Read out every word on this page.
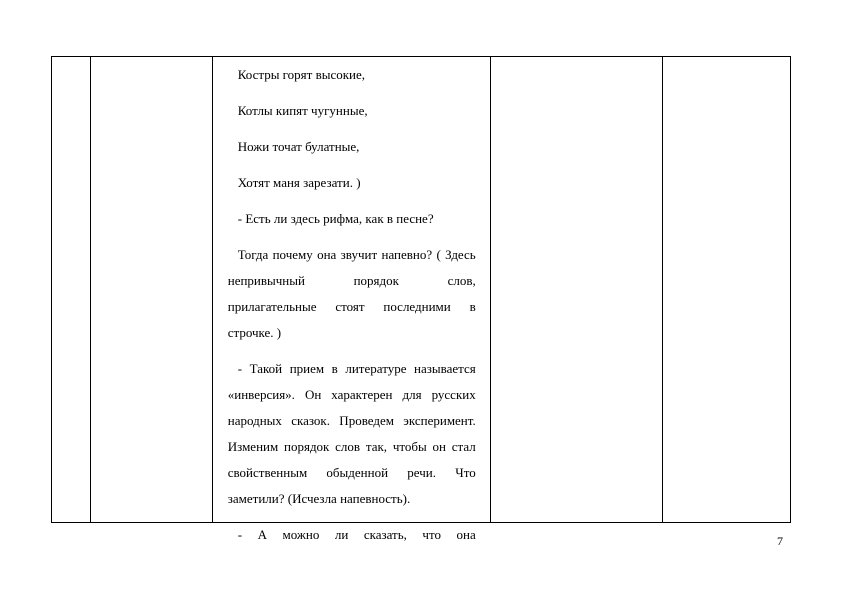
Костры горят высокие,

Котлы кипят чугунные,

Ножи точат булатные,

Хотят маня зарезати. )

- Есть ли здесь рифма, как в песне?

Тогда почему она звучит напевно? ( Здесь непривычный порядок слов, прилагательные стоят последними в строчке. )

- Такой прием в литературе называется «инверсия». Он характерен для русских народных сказок. Проведем эксперимент. Изменим порядок слов так, чтобы он стал свойственным обыденной речи. Что заметили? (Исчезла напевность).

- А можно ли сказать, что она

			7
